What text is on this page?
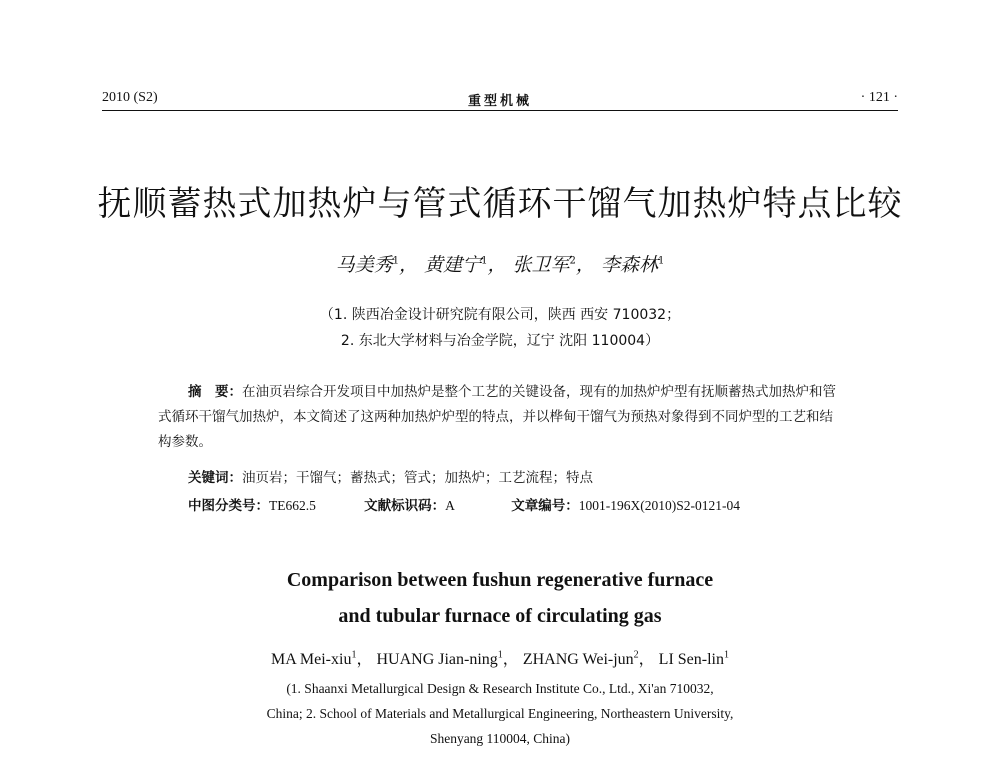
2010 (S2)	重型机械	· 121 ·
抚顺蓄热式加热炉与管式循环干馏气加热炉特点比较
马美秀$^1$， 黄建宁$^1$， 张卫军$^2$， 李森林$^1$
（1. 陕西冶金设计研究院有限公司，陕西 西安 710032；
2. 东北大学材料与冶金学院，辽宁 沈阳 110004）
摘　要：在油页岩综合开发项目中加热炉是整个工艺的关键设备，现有的加热炉炉型有抚顺蓄热式加热炉和管式循环干馏气加热炉，本文简述了这两种加热炉炉型的特点，并以桦甸干馏气为预热对象得到不同炉型的工艺和结构参数。
关键词：油页岩；干馏气；蓄热式；管式；加热炉；工艺流程；特点
中图分类号：TE662.5	文献标识码：A	文章编号：1001-196X(2010)S2-0121-04
Comparison between fushun regenerative furnace
and tubular furnace of circulating gas
MA Mei-xiu$^1$， HUANG Jian-ning$^1$， ZHANG Wei-jun$^2$， LI Sen-lin$^1$
(1. Shaanxi Metallurgical Design & Research Institute Co., Ltd., Xi'an 710032,
China; 2. School of Materials and Metallurgical Engineering, Northeastern University,
Shenyang 110004, China)
